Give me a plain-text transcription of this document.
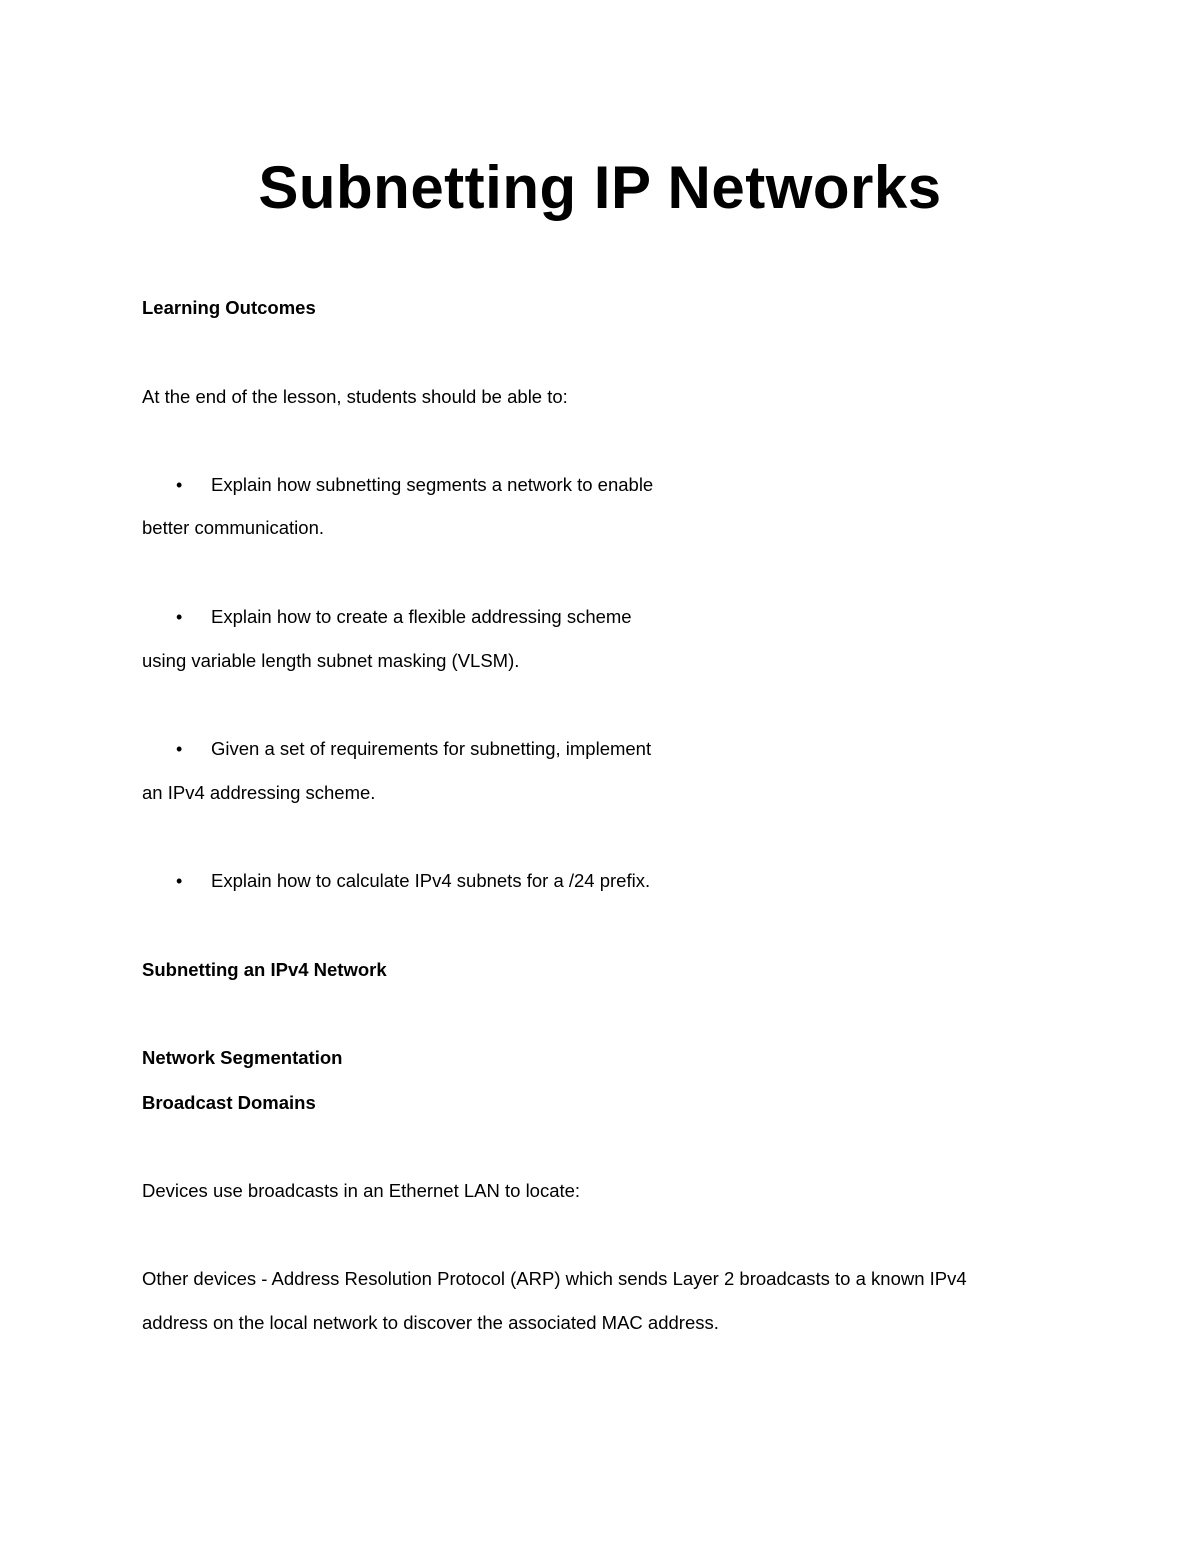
Subnetting IP Networks
Learning Outcomes
At the end of the lesson, students should be able to:
• Explain how subnetting segments a network to enable
better communication.
• Explain how to create a flexible addressing scheme
using variable length subnet masking (VLSM).
• Given a set of requirements for subnetting, implement
an IPv4 addressing scheme.
• Explain how to calculate IPv4 subnets for a /24 prefix.
Subnetting an IPv4 Network
Network Segmentation
Broadcast Domains
Devices use broadcasts in an Ethernet LAN to locate:
Other devices - Address Resolution Protocol (ARP) which sends Layer 2 broadcasts to a known IPv4
address on the local network to discover the associated MAC address.
